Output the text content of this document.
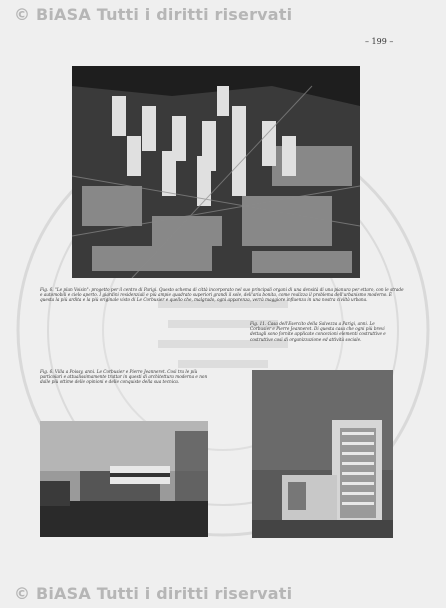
© BiASA Tutti i diritti riservati
– 199 –

Fig. 6. "Le plan Voisin": progetto per il centro di Parigi. Questo schema di città incorporato nel suo principali organi di una densità di una pianura per ettaro, con le strade e automobili e cielo aperto. I giardini residenziali e più ampie quadrato superiori grandi il sole, dell'aria bonita, come realizza il problema dell'urbanismo moderno. È questa la più ardita e la più originale visto di Le Corbusier e quello che, malgrado, ogni apparenza, verrà maggiore influenza in una nostra civiltà urbana.

Fig. 6. Villa a Poissy, anni. Le Corbusier e Pierre Jeanneret. Così tra le più particolari e attualissimamente trattar in questi di architettura moderna e non dalle più ottime delle opinioni e delle conquiste della sua tecnica.

Fig. 11. Casa dell'Esercito della Salvezza a Parigi, anni. Le Corbusier e Pierre Jeanneret. Di questa casa che ogni più brevi dettagli sono fornite applicate concezioni elementi costruttive e costruttive così di organizzazione ed attività sociale.

© BiASA Tutti i diritti riservati
